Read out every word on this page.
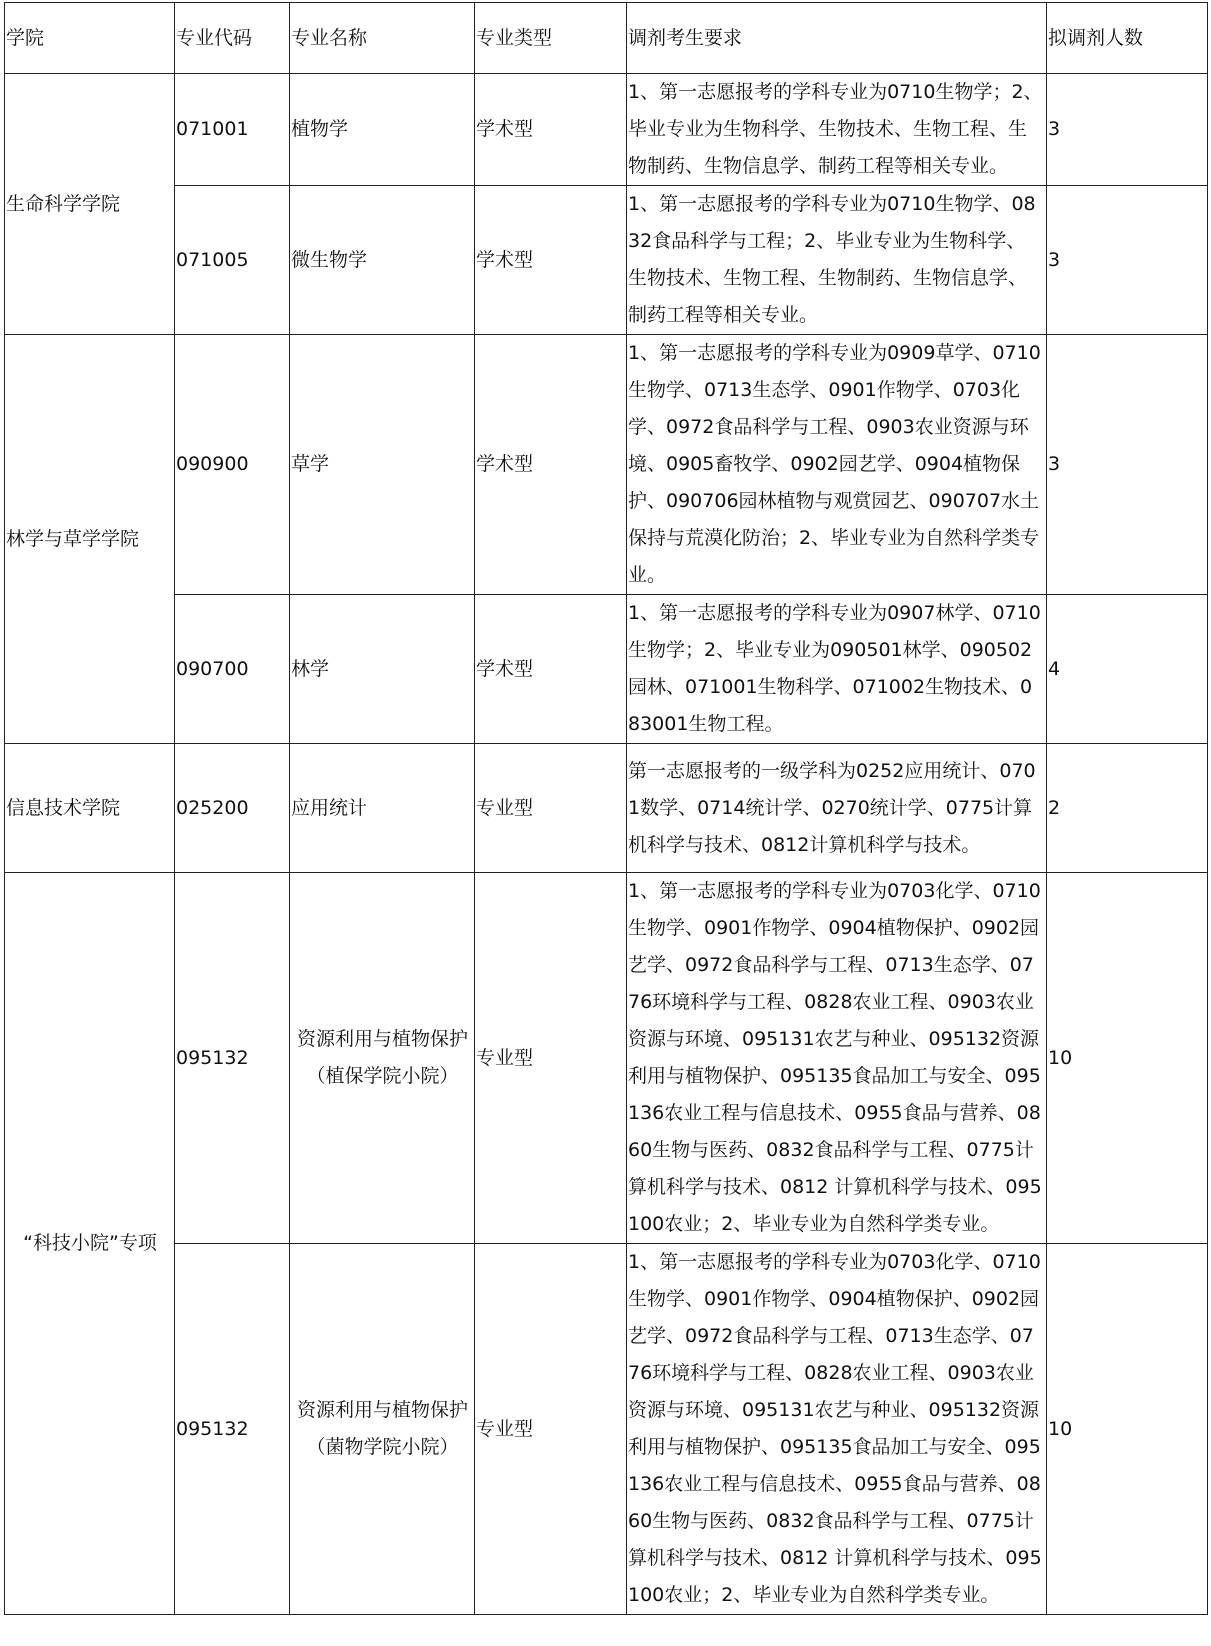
学院	专业代码	专业名称	专业类型	调剂考生要求	拟调剂人数
生命科学学院	071001	植物学	学术型	1、第一志愿报考的学科专业为0710生物学；2、毕业专业为生物科学、生物技术、生物工程、生物制药、生物信息学、制药工程等相关专业。	3
	071005	微生物学	学术型	1、第一志愿报考的学科专业为0710生物学、0832食品科学与工程；2、毕业专业为生物科学、生物技术、生物工程、生物制药、生物信息学、制药工程等相关专业。	3
林学与草学学院	090900	草学	学术型	1、第一志愿报考的学科专业为0909草学、0710生物学、0713生态学、0901作物学、0703化学、0972食品科学与工程、0903农业资源与环境、0905畜牧学、0902园艺学、0904植物保护、090706园林植物与观赏园艺、090707水土保持与荒漠化防治；2、毕业专业为自然科学类专业。	3
	090700	林学	学术型	1、第一志愿报考的学科专业为0907林学、0710生物学；2、毕业专业为090501林学、090502 园林、071001生物科学、071002生物技术、083001生物工程。	4
信息技术学院	025200	应用统计	专业型	第一志愿报考的一级学科为0252应用统计、0701数学、0714统计学、0270统计学、0775计算机科学与技术、0812计算机科学与技术。	2
“科技小院”专项	095132	资源利用与植物保护（植保学院小院）	专业型	1、第一志愿报考的学科专业为0703化学、0710生物学、0901作物学、0904植物保护、0902园艺学、0972食品科学与工程、0713生态学、0776环境科学与工程、0828农业工程、0903农业资源与环境、095131农艺与种业、095132资源利用与植物保护、095135食品加工与安全、095136农业工程与信息技术、0955食品与营养、0860生物与医药、0832食品科学与工程、0775计算机科学与技术、0812 计算机科学与技术、095100农业；2、毕业专业为自然科学类专业。	10
	095132	资源利用与植物保护（菌物学院小院）	专业型	1、第一志愿报考的学科专业为0703化学、0710生物学、0901作物学、0904植物保护、0902园艺学、0972食品科学与工程、0713生态学、0776环境科学与工程、0828农业工程、0903农业资源与环境、095131农艺与种业、095132资源利用与植物保护、095135食品加工与安全、095136农业工程与信息技术、0955食品与营养、0860生物与医药、0832食品科学与工程、0775计算机科学与技术、0812 计算机科学与技术、095100农业；2、毕业专业为自然科学类专业。	10
